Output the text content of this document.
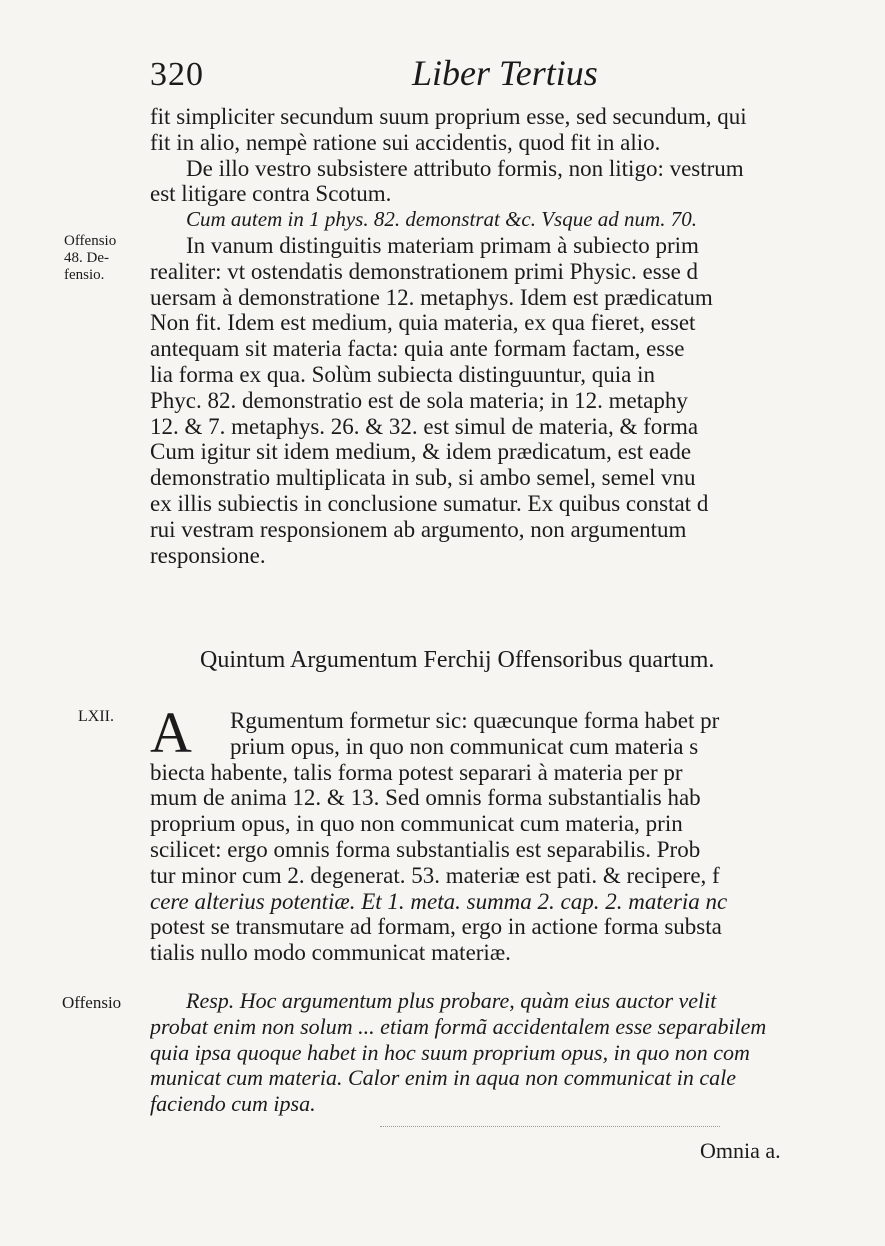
320	Liber Tertius
Offensio
48. De-
fensio.
fit simpliciter secundum suum proprium esse, sed secundum, qui
fit in alio, nempè ratione sui accidentis, quod fit in alio.
De illo vestro subsistere attributo formis, non litigo: vestrum
est litigare contra Scotum.
Cum autem in 1 phys. 82. demonstrat &c. Vsque ad num. 70.
In vanum distinguitis materiam primam à subiecto prim
realiter: vt ostendatis demonstrationem primi Physic. esse d
uersam à demonstratione 12. metaphys. Idem est prædicatum
Non fit. Idem est medium, quia materia, ex qua fieret, esset
antequam sit materia facta: quia ante formam factam, esse
lia forma ex qua. Solùm subiecta distinguuntur, quia in
Phyc. 82. demonstratio est de sola materia; in 12. metaphy
12. & 7. metaphys. 26. & 32. est simul de materia, & forma
Cum igitur sit idem medium, & idem prædicatum, est eade
demonstratio multiplicata in sub, si ambo semel, semel vnu
ex illis subiectis in conclusione sumatur. Ex quibus constat d
rui vestram responsionem ab argumento, non argumentum
responsione.
Quintum Argumentum Ferchij Offensoribus quartum.
LXII. A	Rgumentum formetur sic: quæcunque forma habet pr
prium opus, in quo non communicat cum materia s
biecta habente, talis forma potest separari à materia per pr
mum de anima 12. & 13. Sed omnis forma substantialis hab
proprium opus, in quo non communicat cum materia, prin
scilicet: ergo omnis forma substantialis est separabilis. Prob
tur minor cum 2. degenerat. 53. materiæ est pati. & recipere, f
cere alterius potentiæ. Et 1. meta. summa 2. cap. 2. materia nc
potest se transmutare ad formam, ergo in actione forma substa
tialis nullo modo communicat materiæ.
Offensio	Resp. Hoc argumentum plus probare, quàm eius auctor velit
probat enim non solum ... etiam formã accidentalem esse separabilem
quia ipsa quoque habet in hoc suum proprium opus, in quo non com
municat cum materia. Calor enim in aqua non communicat in cale
faciendo cum ipsa.
Omnia a.
